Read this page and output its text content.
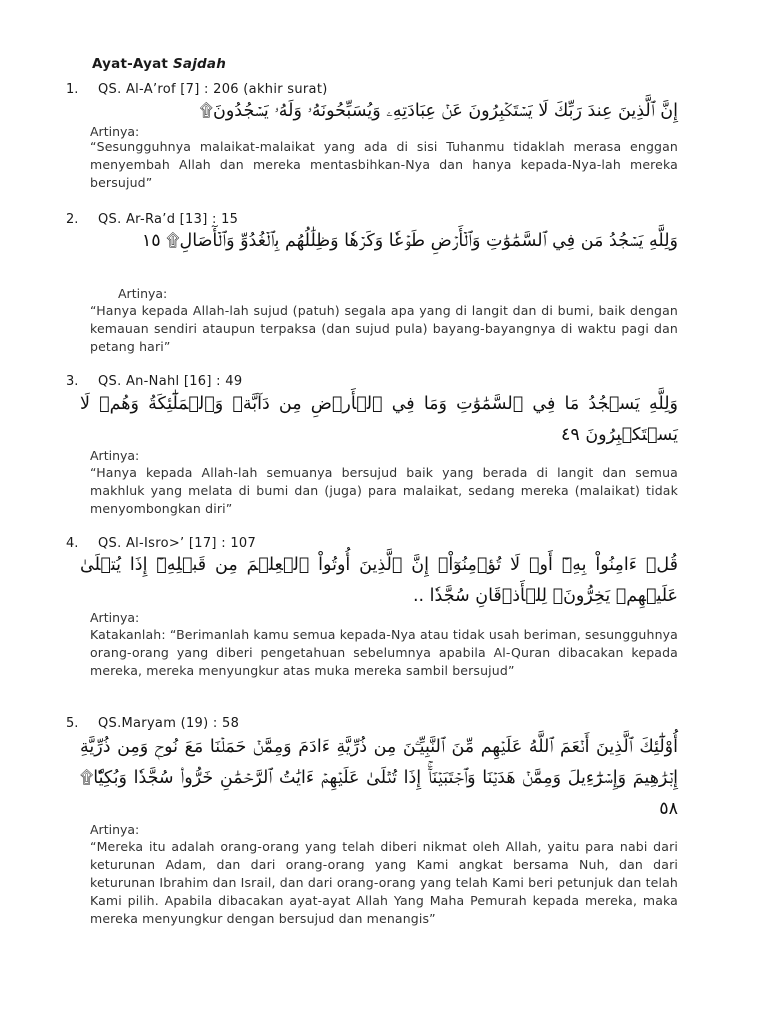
Ayat-Ayat Sajdah
1. QS. Al-A’rof [7] : 206 (akhir surat)
إِنَّ ٱلَّذِينَ عِندَ رَبِّكَ لَا يَسۡتَكۡبِرُونَ عَنۡ عِبَادَتِهِۦ وَيُسَبِّحُونَهُۥ وَلَهُۥ يَسۡجُدُونَ۩
Artinya:
“Sesungguhnya malaikat-malaikat yang ada di sisi Tuhanmu tidaklah merasa enggan menyembah Allah dan mereka mentasbihkan-Nya dan hanya kepada-Nya-lah mereka bersujud”
2. QS. Ar-Ra’d [13] : 15
وَلِلَّهِ يَسۡجُدُ مَن فِي ٱلسَّمَٰوَٰتِ وَٱلۡأَرۡضِ طَوۡعٗا وَكَرۡهٗا وَظِلَٰلُهُم بِٱلۡغُدُوِّ وَٱلۡأٓصَالِ۩ ١٥
Artinya:
“Hanya kepada Allah-lah sujud (patuh) segala apa yang di langit dan di bumi, baik dengan kemauan sendiri ataupun terpaksa (dan sujud pula) bayang-bayangnya di waktu pagi dan petang hari”
3. QS. An-Nahl [16] : 49
وَلِلَّهِ يَسۡجُدُ مَا فِي ٱلسَّمَٰوَٰتِ وَمَا فِي ٱلۡأَرۡضِ مِن دَآبَّةٖ وَٱلۡمَلَٰٓئِكَةُ وَهُمۡ لَا يَسۡتَكۡبِرُونَ ٤٩
Artinya:
“Hanya kepada Allah-lah semuanya bersujud baik yang berada di langit dan semua makhluk yang melata di bumi dan (juga) para malaikat, sedang mereka (malaikat) tidak menyombongkan diri”
4. QS. Al-Isro>’ [17] : 107
قُلۡ ءَامِنُواْ بِهِۦٓ أَوۡ لَا تُؤۡمِنُوٓاْۚ إِنَّ ٱلَّذِينَ أُوتُواْ ٱلۡعِلۡمَ مِن قَبۡلِهِۦٓ إِذَا يُتۡلَىٰ عَلَيۡهِمۡ يَخِرُّونَۤ لِلۡأَذۡقَانِ سُجَّدٗا ..
Artinya:
Katakanlah: “Berimanlah kamu semua kepada-Nya atau tidak usah beriman, sesungguhnya orang-orang yang diberi pengetahuan sebelumnya apabila Al-Quran dibacakan kepada mereka, mereka menyungkur atas muka mereka sambil bersujud”
5. QS.Maryam (19) : 58
أُوْلَٰٓئِكَ ٱلَّذِينَ أَنۡعَمَ ٱللَّهُ عَلَيۡهِم مِّنَ ٱلنَّبِيِّـۧنَ مِن ذُرِّيَّةِ ءَادَمَ وَمِمَّنۡ حَمَلۡنَا مَعَ نُوحٖ وَمِن ذُرِّيَّةِ إِبۡرَٰهِيمَ وَإِسۡرَٰٓءِيلَ وَمِمَّنۡ هَدَيۡنَا وَٱجۡتَبَيۡنَآۚ إِذَا تُتۡلَىٰ عَلَيۡهِمۡ ءَايَٰتُ ٱلرَّحۡمَٰنِ خَرُّواْۤ سُجَّدٗا وَبُكِيّٗا۩ ٥٨
Artinya:
“Mereka itu adalah orang-orang yang telah diberi nikmat oleh Allah, yaitu para nabi dari keturunan Adam, dan dari orang-orang yang Kami angkat bersama Nuh, dan dari keturunan Ibrahim dan Israil, dan dari orang-orang yang telah Kami beri petunjuk dan telah Kami pilih. Apabila dibacakan ayat-ayat Allah Yang Maha Pemurah kepada mereka, maka mereka menyungkur dengan bersujud dan menangis”
